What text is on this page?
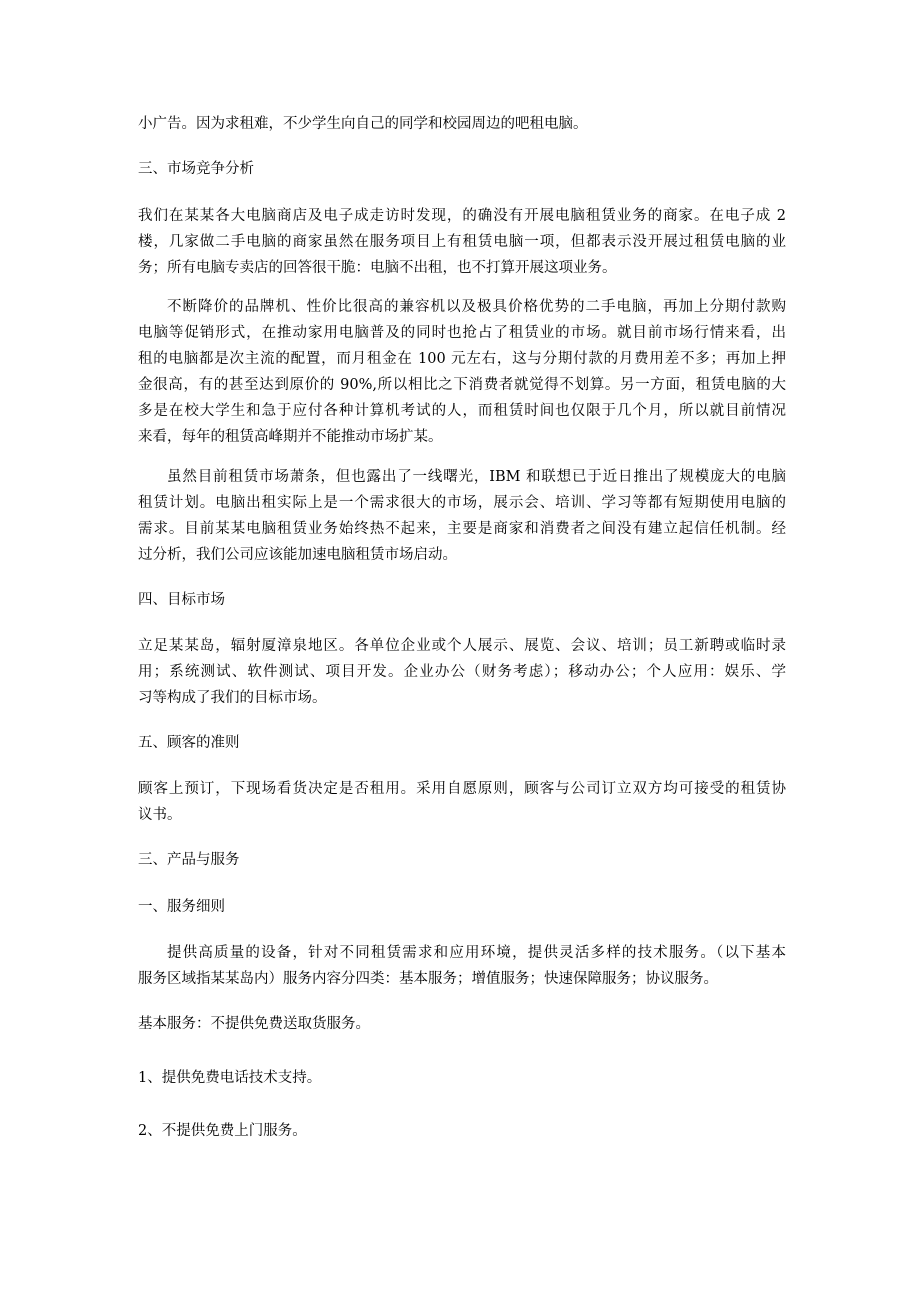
小广告。因为求租难，不少学生向自己的同学和校园周边的吧租电脑。
三、市场竞争分析
我们在某某各大电脑商店及电子成走访时发现，的确没有开展电脑租赁业务的商家。在电子成 2
楼，几家做二手电脑的商家虽然在服务项目上有租赁电脑一项，但都表示没开展过租赁电脑的业
务；所有电脑专卖店的回答很干脆：电脑不出租，也不打算开展这项业务。
不断降价的品牌机、性价比很高的兼容机以及极具价格优势的二手电脑，再加上分期付款购
电脑等促销形式，在推动家用电脑普及的同时也抢占了租赁业的市场。就目前市场行情来看，出
租的电脑都是次主流的配置，而月租金在 100 元左右，这与分期付款的月费用差不多；再加上押
金很高，有的甚至达到原价的 90%,所以相比之下消费者就觉得不划算。另一方面，租赁电脑的大
多是在校大学生和急于应付各种计算机考试的人，而租赁时间也仅限于几个月，所以就目前情况
来看，每年的租赁高峰期并不能推动市场扩某。
虽然目前租赁市场萧条，但也露出了一线曙光，IBM 和联想已于近日推出了规模庞大的电脑
租赁计划。电脑出租实际上是一个需求很大的市场，展示会、培训、学习等都有短期使用电脑的
需求。目前某某电脑租赁业务始终热不起来，主要是商家和消费者之间没有建立起信任机制。经
过分析，我们公司应该能加速电脑租赁市场启动。
四、目标市场
立足某某岛，辐射厦漳泉地区。各单位企业或个人展示、展览、会议、培训；员工新聘或临时录
用；系统测试、软件测试、项目开发。企业办公（财务考虑）；移动办公；个人应用：娱乐、学
习等构成了我们的目标市场。
五、顾客的准则
顾客上预订，下现场看货决定是否租用。采用自愿原则，顾客与公司订立双方均可接受的租赁协
议书。
三、产品与服务
一、服务细则
提供高质量的设备，针对不同租赁需求和应用环境，提供灵活多样的技术服务。（以下基本
服务区域指某某岛内）服务内容分四类：基本服务；增值服务；快速保障服务；协议服务。
基本服务：不提供免费送取货服务。
1、提供免费电话技术支持。
2、不提供免费上门服务。
